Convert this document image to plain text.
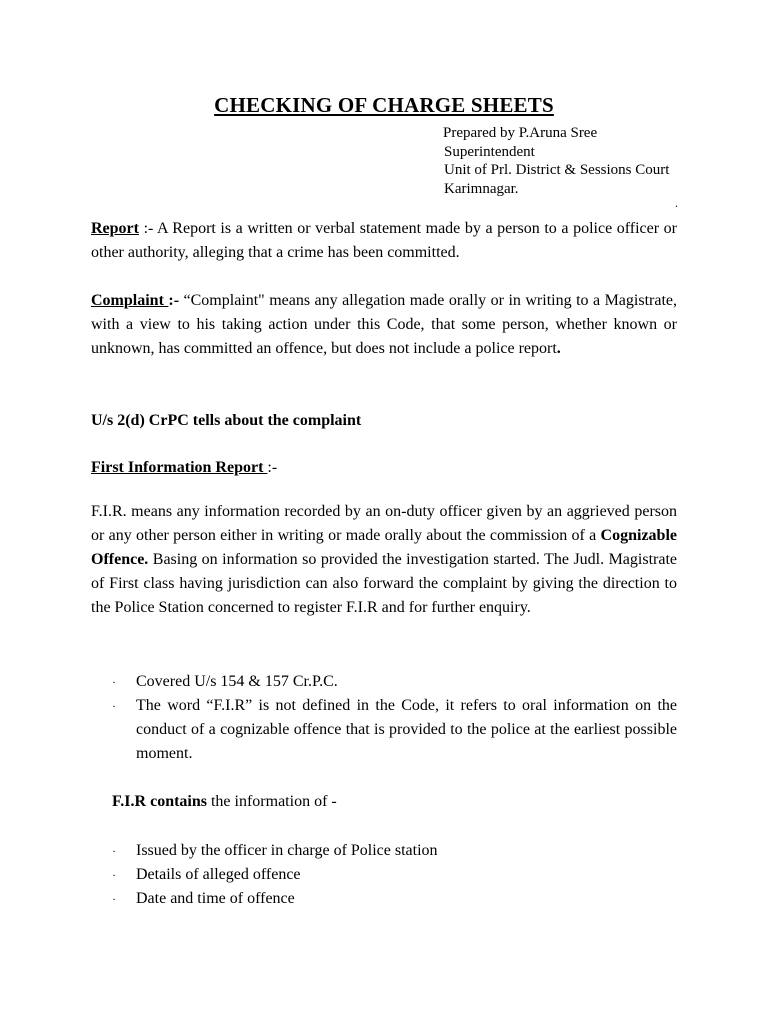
CHECKING OF CHARGE SHEETS
Prepared by P.Aruna Sree
Superintendent
Unit of Prl. District & Sessions Court
Karimnagar.
.
Report :- A Report is a written or verbal statement made by a person to a police officer or other authority, alleging that a crime has been committed.
Complaint :- “Complaint" means any allegation made orally or in writing to a Magistrate, with a view to his taking action under this Code, that some person, whether known or unknown, has committed an offence, but does not include a police report.
U/s 2(d) CrPC tells about the complaint
First Information Report :-
F.I.R. means any information recorded by an on-duty officer given by an aggrieved person or any other person either in writing or made orally about the commission of a Cognizable Offence. Basing on information so provided the investigation started. The Judl. Magistrate of First class having jurisdiction can also forward the complaint by giving the direction to the Police Station concerned to register F.I.R and for further enquiry.
· Covered U/s 154 & 157 Cr.P.C.
· The word “F.I.R” is not defined in the Code, it refers to oral information on the conduct of a cognizable offence that is provided to the police at the earliest possible moment.
F.I.R contains the information of -
· Issued by the officer in charge of Police station
· Details of alleged offence
· Date and time of offence
